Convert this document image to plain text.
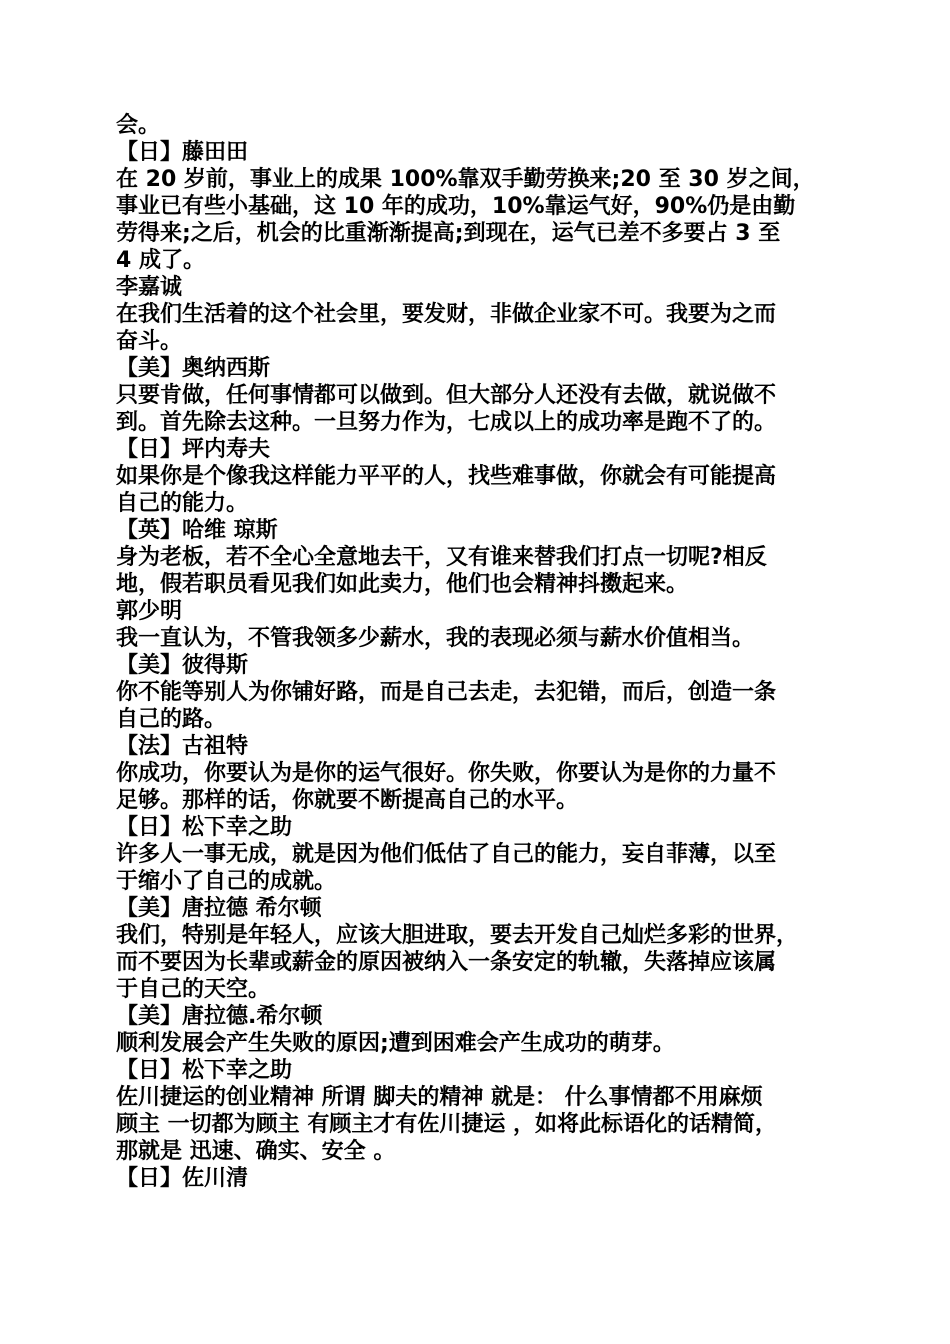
会。

【日】藤田田

在 20 岁前，事业上的成果 100%靠双手勤劳换来;20 至 30 岁之间，

事业已有些小基础，这 10 年的成功，10%靠运气好，90%仍是由勤

劳得来;之后，机会的比重渐渐提高;到现在，运气已差不多要占 3 至

4 成了。

李嘉诚

在我们生活着的这个社会里，要发财，非做企业家不可。我要为之而

奋斗。

【美】奥纳西斯

只要肯做，任何事情都可以做到。但大部分人还没有去做，就说做不

到。首先除去这种。一旦努力作为，七成以上的成功率是跑不了的。

【日】坪内寿夫

如果你是个像我这样能力平平的人，找些难事做，你就会有可能提高

自己的能力。

【英】哈维 琼斯

身为老板，若不全心全意地去干，又有谁来替我们打点一切呢?相反

地，假若职员看见我们如此卖力，他们也会精神抖擞起来。

郭少明

我一直认为，不管我领多少薪水，我的表现必须与薪水价值相当。

【美】彼得斯

你不能等别人为你铺好路，而是自己去走，去犯错，而后，创造一条

自己的路。

【法】古祖特

你成功，你要认为是你的运气很好。你失败，你要认为是你的力量不

足够。那样的话，你就要不断提高自己的水平。

【日】松下幸之助

许多人一事无成，就是因为他们低估了自己的能力，妄自菲薄，以至

于缩小了自己的成就。

【美】唐拉德 希尔顿

我们，特别是年轻人，应该大胆进取，要去开发自己灿烂多彩的世界，

而不要因为长辈或薪金的原因被纳入一条安定的轨辙，失落掉应该属

于自己的天空。

【美】唐拉德.希尔顿

顺利发展会产生失败的原因;遭到困难会产生成功的萌芽。

【日】松下幸之助

佐川捷运的创业精神 所谓 脚夫的精神 就是： 什么事情都不用麻烦

顾主 一切都为顾主 有顾主才有佐川捷运 ，如将此标语化的话精简，

那就是 迅速、确实、安全 。

【日】佐川清
